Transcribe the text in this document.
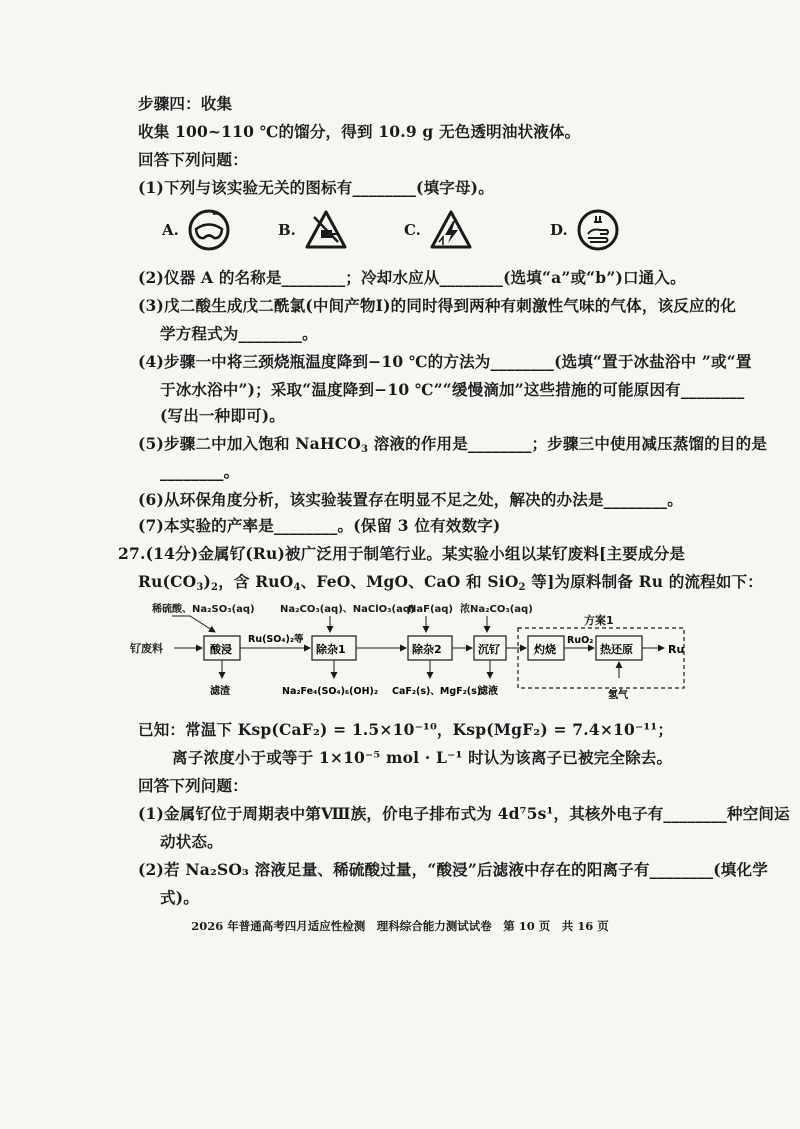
步骤四：收集
收集 100~110 ℃的馏分，得到 10.9 g 无色透明油状液体。
回答下列问题：
(1)下列与该实验无关的图标有________(填字母)。
A.	B.	C.	D.
(2)仪器 A 的名称是________；冷却水应从________(选填“a”或“b”)口通入。
(3)戊二酸生成戊二酰氯(中间产物Ⅰ)的同时得到两种有刺激性气味的气体，该反应的化
学方程式为________。
(4)步骤一中将三颈烧瓶温度降到−10 ℃的方法为________(选填“置于冰盐浴中 ”或“置
于冰水浴中”)；采取“温度降到−10 ℃”“缓慢滴加”这些措施的可能原因有________
(写出一种即可)。
(5)步骤二中加入饱和 NaHCO$_3$ 溶液的作用是________；步骤三中使用减压蒸馏的目的是
________。
(6)从环保角度分析，该实验装置存在明显不足之处，解决的办法是________。
(7)本实验的产率是________。(保留 3 位有效数字)
27.(14分)金属钌(Ru)被广泛用于制笔行业。某实验小组以某钌废料[主要成分是
$Ru(CO_3)_2$，含 RuO$_4$、FeO、MgO、CaO 和 SiO$_2$ 等]为原料制备 Ru 的流程如下：
稀硫酸、Na₂SO₃(aq)	Na₂CO₃(aq)、NaClO₃(aq)
NaF(aq) 浓Na₂CO₃(aq)
方案1
钌废料	酸浸
Ru(SO₄)₂等
除杂1	除杂2	沉钌	灼烧
RuO₂
热还原	Ru
氢气
滤渣	Na₂Fe₄(SO₄)₆(OH)₂ CaF₂(s)、MgF₂(s)
滤液
已知：常温下 Ksp(CaF₂) = 1.5×10⁻¹⁰，Ksp(MgF₂) = 7.4×10⁻¹¹；
离子浓度小于或等于 1×10⁻⁵ mol · L⁻¹ 时认为该离子已被完全除去。
回答下列问题：
(1)金属钌位于周期表中第Ⅷ族，价电子排布式为 4d⁷5s¹，其核外电子有________种空间运
动状态。
(2)若 Na₂SO₃ 溶液足量、稀硫酸过量，“酸浸”后滤液中存在的阳离子有________(填化学
式)。
2026 年普通高考四月适应性检测　理科综合能力测试试卷　第 10 页　共 16 页
